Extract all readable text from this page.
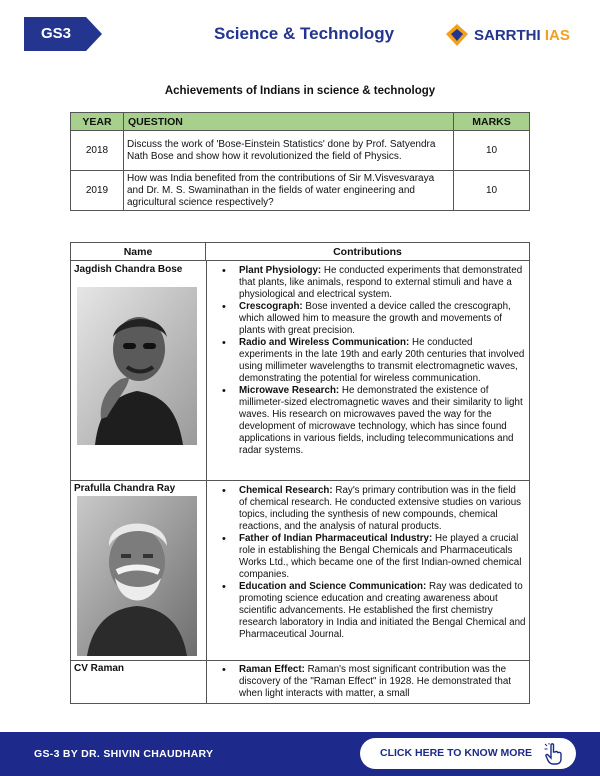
GS3	Science & Technology	SARRTHI IAS
Achievements of Indians in science & technology
YEAR	QUESTION	MARKS
2018	Discuss the work of 'Bose-Einstein Statistics' done by Prof. Satyendra Nath Bose and show how it revolutionized the field of Physics.	10
2019	How was India benefited from the contributions of Sir M.Visvesvaraya and Dr. M. S. Swaminathan in the fields of water engineering and agricultural science respectively?	10
Name	Contributions
Jagdish Chandra Bose	• Plant Physiology: He conducted experiments that demonstrated that plants, like animals, respond to external stimuli and have a physiological and electrical system.
• Crescograph: Bose invented a device called the crescograph, which allowed him to measure the growth and movements of plants with great precision.
• Radio and Wireless Communication: He conducted experiments in the late 19th and early 20th centuries that involved using millimeter wavelengths to transmit electromagnetic waves, demonstrating the potential for wireless communication.
• Microwave Research: He demonstrated the existence of millimeter-sized electromagnetic waves and their similarity to light waves. His research on microwaves paved the way for the development of microwave technology, which has since found applications in various fields, including telecommunications and radar systems.
Prafulla Chandra Ray	• Chemical Research: Ray's primary contribution was in the field of chemical research. He conducted extensive studies on various topics, including the synthesis of new compounds, chemical reactions, and the analysis of natural products.
• Father of Indian Pharmaceutical Industry: He played a crucial role in establishing the Bengal Chemicals and Pharmaceuticals Works Ltd., which became one of the first Indian-owned chemical companies.
• Education and Science Communication: Ray was dedicated to promoting science education and creating awareness about scientific advancements. He established the first chemistry research laboratory in India and initiated the Bengal Chemical and Pharmaceutical Journal.
CV Raman	• Raman Effect: Raman's most significant contribution was the discovery of the "Raman Effect" in 1928. He demonstrated that when light interacts with matter, a small
GS-3 BY DR. SHIVIN CHAUDHARY	CLICK HERE TO KNOW MORE
